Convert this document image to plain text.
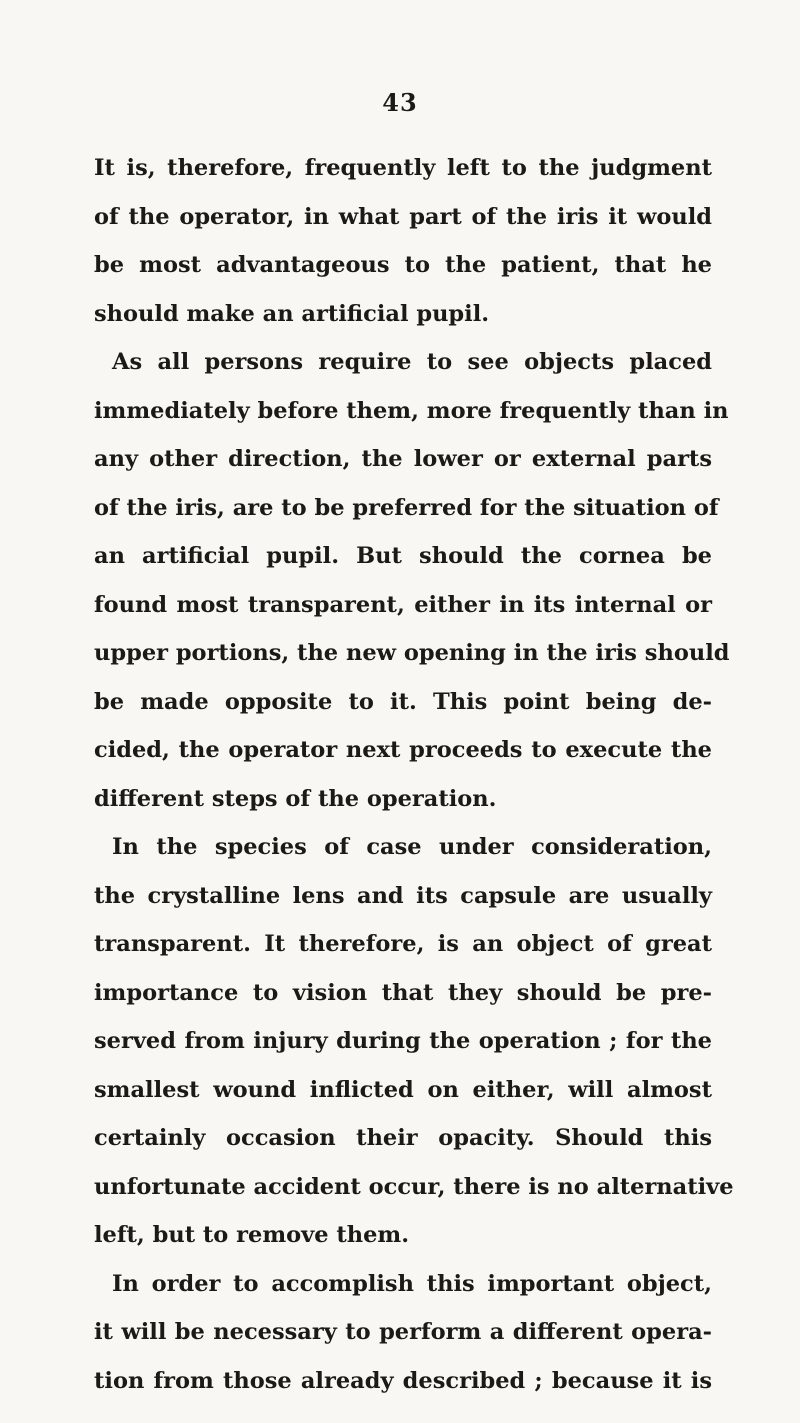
43
It is, therefore, frequently left to the judgment
of the operator, in what part of the iris it would
be most advantageous to the patient, that he
should make an artificial pupil.
As all persons require to see objects placed
immediately before them, more frequently than in
any other direction, the lower or external parts
of the iris, are to be preferred for the situation of
an artificial pupil. But should the cornea be
found most transparent, either in its internal or
upper portions, the new opening in the iris should
be made opposite to it. This point being de-
cided, the operator next proceeds to execute the
different steps of the operation.
In the species of case under consideration,
the crystalline lens and its capsule are usually
transparent. It therefore, is an object of great
importance to vision that they should be pre-
served from injury during the operation ; for the
smallest wound inflicted on either, will almost
certainly occasion their opacity. Should this
unfortunate accident occur, there is no alternative
left, but to remove them.
In order to accomplish this important object,
it will be necessary to perform a different opera-
tion from those already described ; because it is
